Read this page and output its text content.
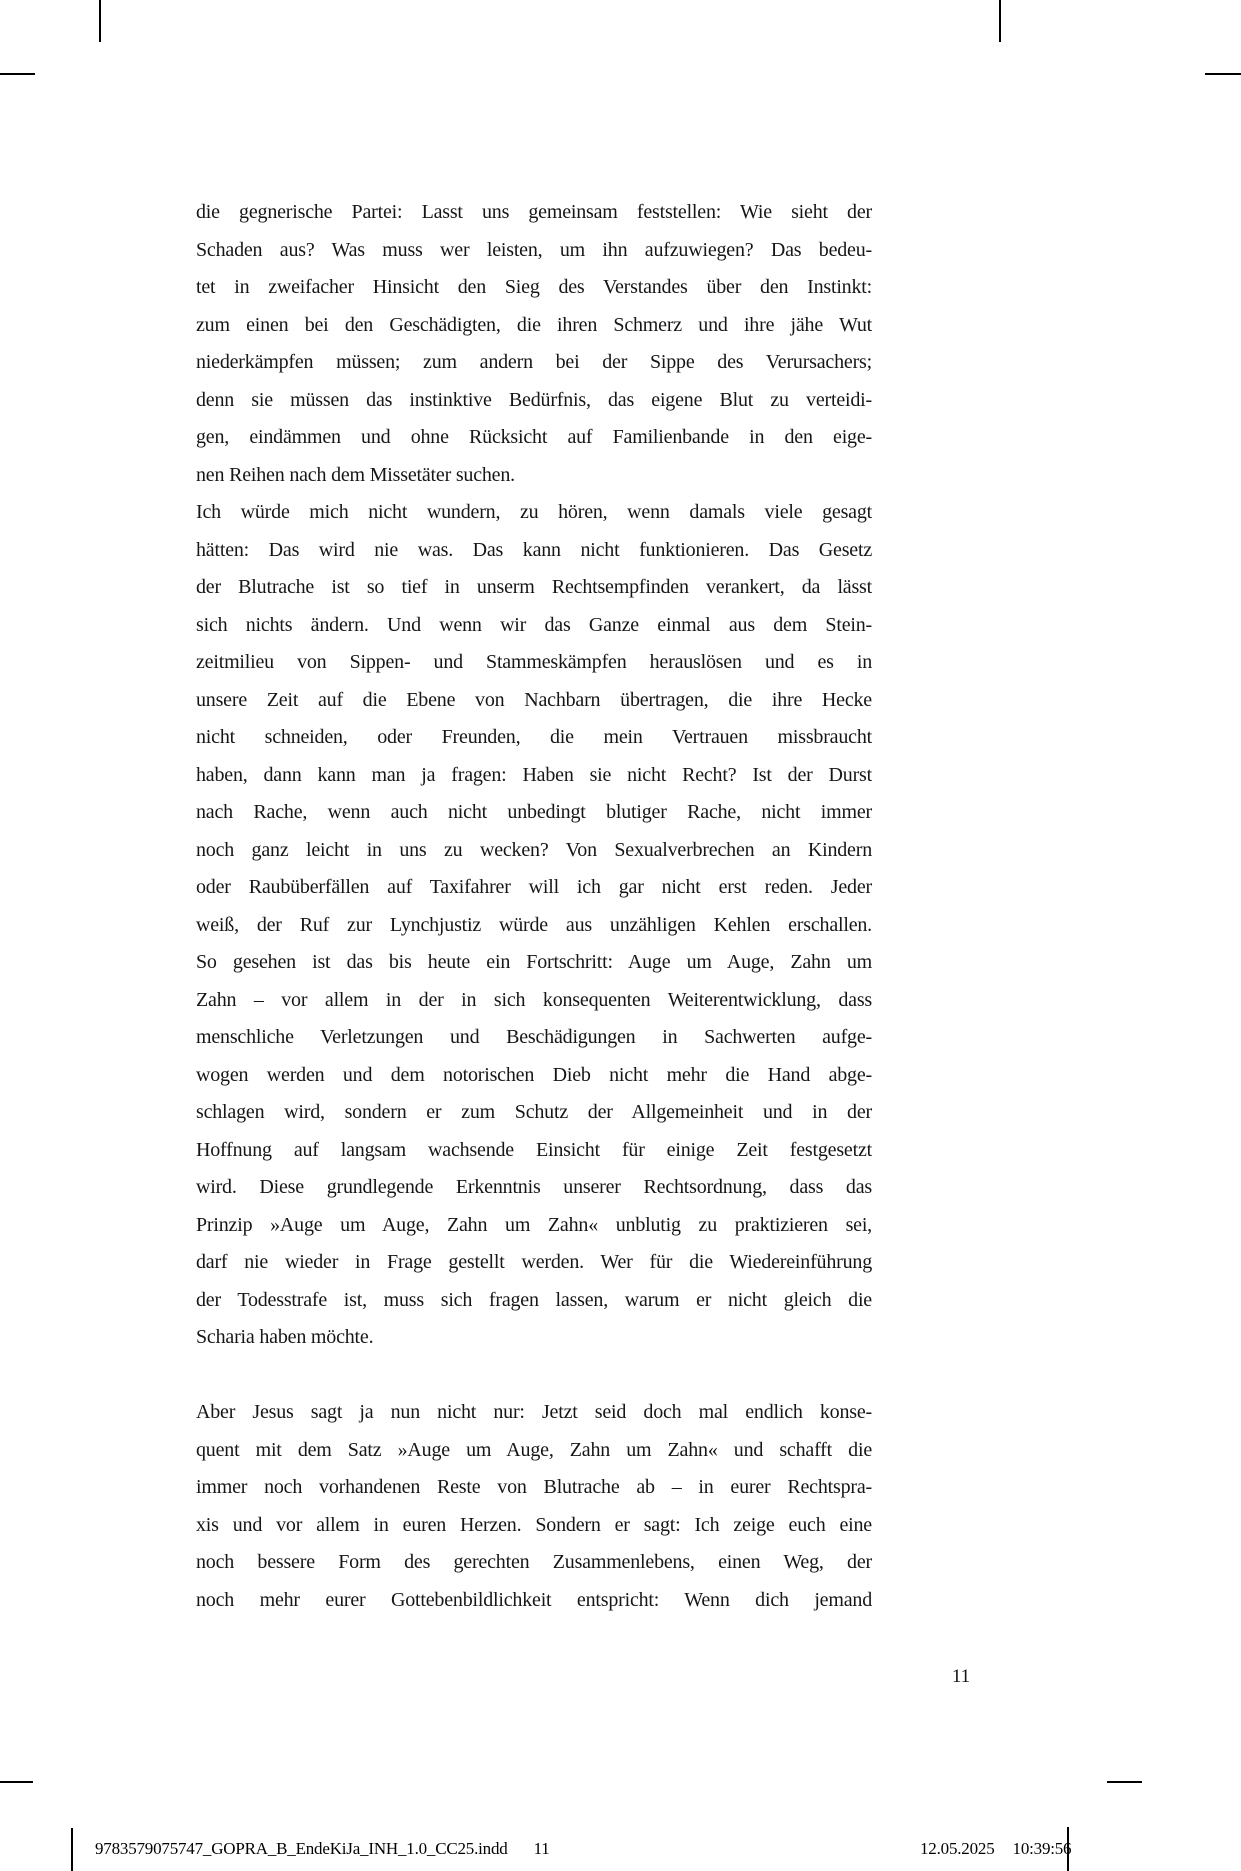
die gegnerische Partei: Lasst uns gemeinsam feststellen: Wie sieht der
Schaden aus? Was muss wer leisten, um ihn aufzuwiegen? Das bedeu-
tet in zweifacher Hinsicht den Sieg des Verstandes über den Instinkt:
zum einen bei den Geschädigten, die ihren Schmerz und ihre jähe Wut
niederkämpfen müssen; zum andern bei der Sippe des Verursachers;
denn sie müssen das instinktive Bedürfnis, das eigene Blut zu verteidi-
gen, eindämmen und ohne Rücksicht auf Familienbande in den eige-
nen Reihen nach dem Missetäter suchen.
Ich würde mich nicht wundern, zu hören, wenn damals viele gesagt
hätten: Das wird nie was. Das kann nicht funktionieren. Das Gesetz
der Blutrache ist so tief in unserm Rechtsempfinden verankert, da lässt
sich nichts ändern. Und wenn wir das Ganze einmal aus dem Stein-
zeitmilieu von Sippen- und Stammeskämpfen herauslösen und es in
unsere Zeit auf die Ebene von Nachbarn übertragen, die ihre Hecke
nicht schneiden, oder Freunden, die mein Vertrauen missbraucht
haben, dann kann man ja fragen: Haben sie nicht Recht? Ist der Durst
nach Rache, wenn auch nicht unbedingt blutiger Rache, nicht immer
noch ganz leicht in uns zu wecken? Von Sexualverbrechen an Kindern
oder Raubüberfällen auf Taxifahrer will ich gar nicht erst reden. Jeder
weiß, der Ruf zur Lynchjustiz würde aus unzähligen Kehlen erschallen.
So gesehen ist das bis heute ein Fortschritt: Auge um Auge, Zahn um
Zahn – vor allem in der in sich konsequenten Weiterentwicklung, dass
menschliche Verletzungen und Beschädigungen in Sachwerten aufge-
wogen werden und dem notorischen Dieb nicht mehr die Hand abge-
schlagen wird, sondern er zum Schutz der Allgemeinheit und in der
Hoffnung auf langsam wachsende Einsicht für einige Zeit festgesetzt
wird. Diese grundlegende Erkenntnis unserer Rechtsordnung, dass das
Prinzip »Auge um Auge, Zahn um Zahn« unblutig zu praktizieren sei,
darf nie wieder in Frage gestellt werden. Wer für die Wiedereinführung
der Todesstrafe ist, muss sich fragen lassen, warum er nicht gleich die
Scharia haben möchte.
Aber Jesus sagt ja nun nicht nur: Jetzt seid doch mal endlich konse-
quent mit dem Satz »Auge um Auge, Zahn um Zahn« und schafft die
immer noch vorhandenen Reste von Blutrache ab – in eurer Rechtspra-
xis und vor allem in euren Herzen. Sondern er sagt: Ich zeige euch eine
noch bessere Form des gerechten Zusammenlebens, einen Weg, der
noch mehr eurer Gottebenbildlichkeit entspricht: Wenn dich jemand
11
9783579075747_GOPRA_B_EndeKiJa_INH_1.0_CC25.indd 11	12.05.2025 10:39:56
